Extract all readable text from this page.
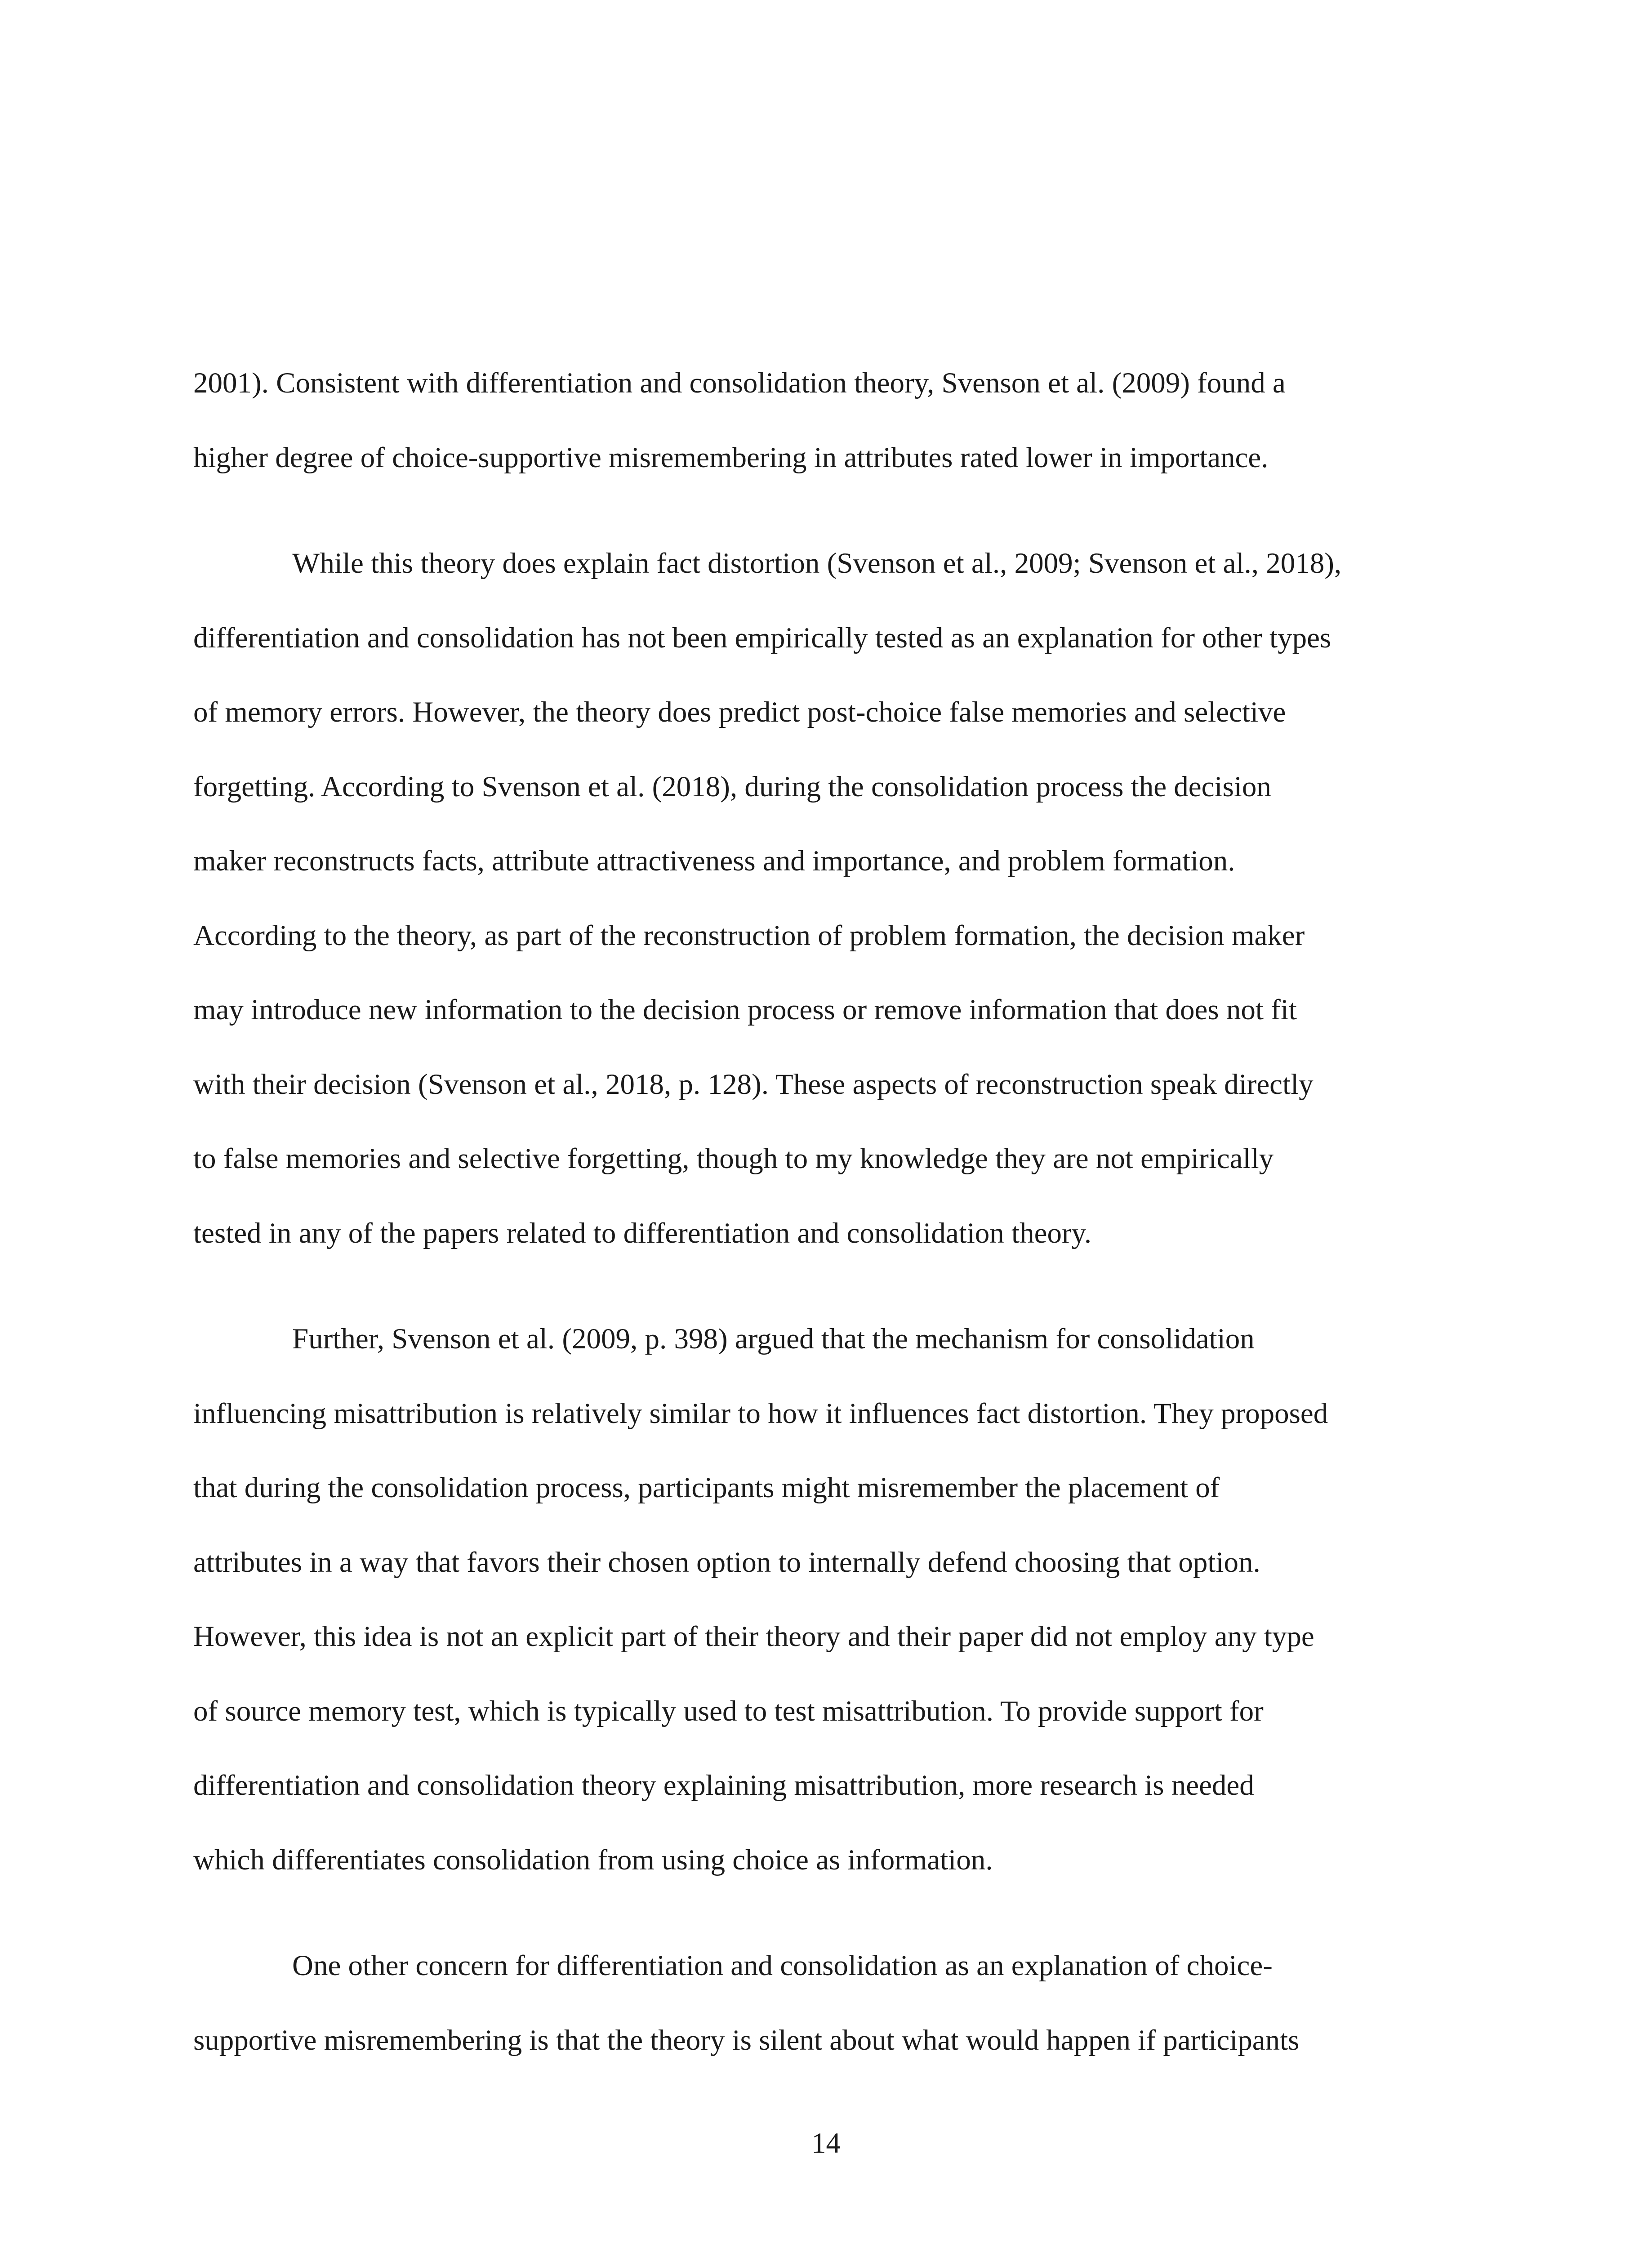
2001). Consistent with differentiation and consolidation theory, Svenson et al. (2009) found a
higher degree of choice-supportive misremembering in attributes rated lower in importance.
While this theory does explain fact distortion (Svenson et al., 2009; Svenson et al., 2018),
differentiation and consolidation has not been empirically tested as an explanation for other types
of memory errors. However, the theory does predict post-choice false memories and selective
forgetting. According to Svenson et al. (2018), during the consolidation process the decision
maker reconstructs facts, attribute attractiveness and importance, and problem formation.
According to the theory, as part of the reconstruction of problem formation, the decision maker
may introduce new information to the decision process or remove information that does not fit
with their decision (Svenson et al., 2018, p. 128). These aspects of reconstruction speak directly
to false memories and selective forgetting, though to my knowledge they are not empirically
tested in any of the papers related to differentiation and consolidation theory.
Further, Svenson et al. (2009, p. 398) argued that the mechanism for consolidation
influencing misattribution is relatively similar to how it influences fact distortion. They proposed
that during the consolidation process, participants might misremember the placement of
attributes in a way that favors their chosen option to internally defend choosing that option.
However, this idea is not an explicit part of their theory and their paper did not employ any type
of source memory test, which is typically used to test misattribution. To provide support for
differentiation and consolidation theory explaining misattribution, more research is needed
which differentiates consolidation from using choice as information.
One other concern for differentiation and consolidation as an explanation of choice-
supportive misremembering is that the theory is silent about what would happen if participants
14
